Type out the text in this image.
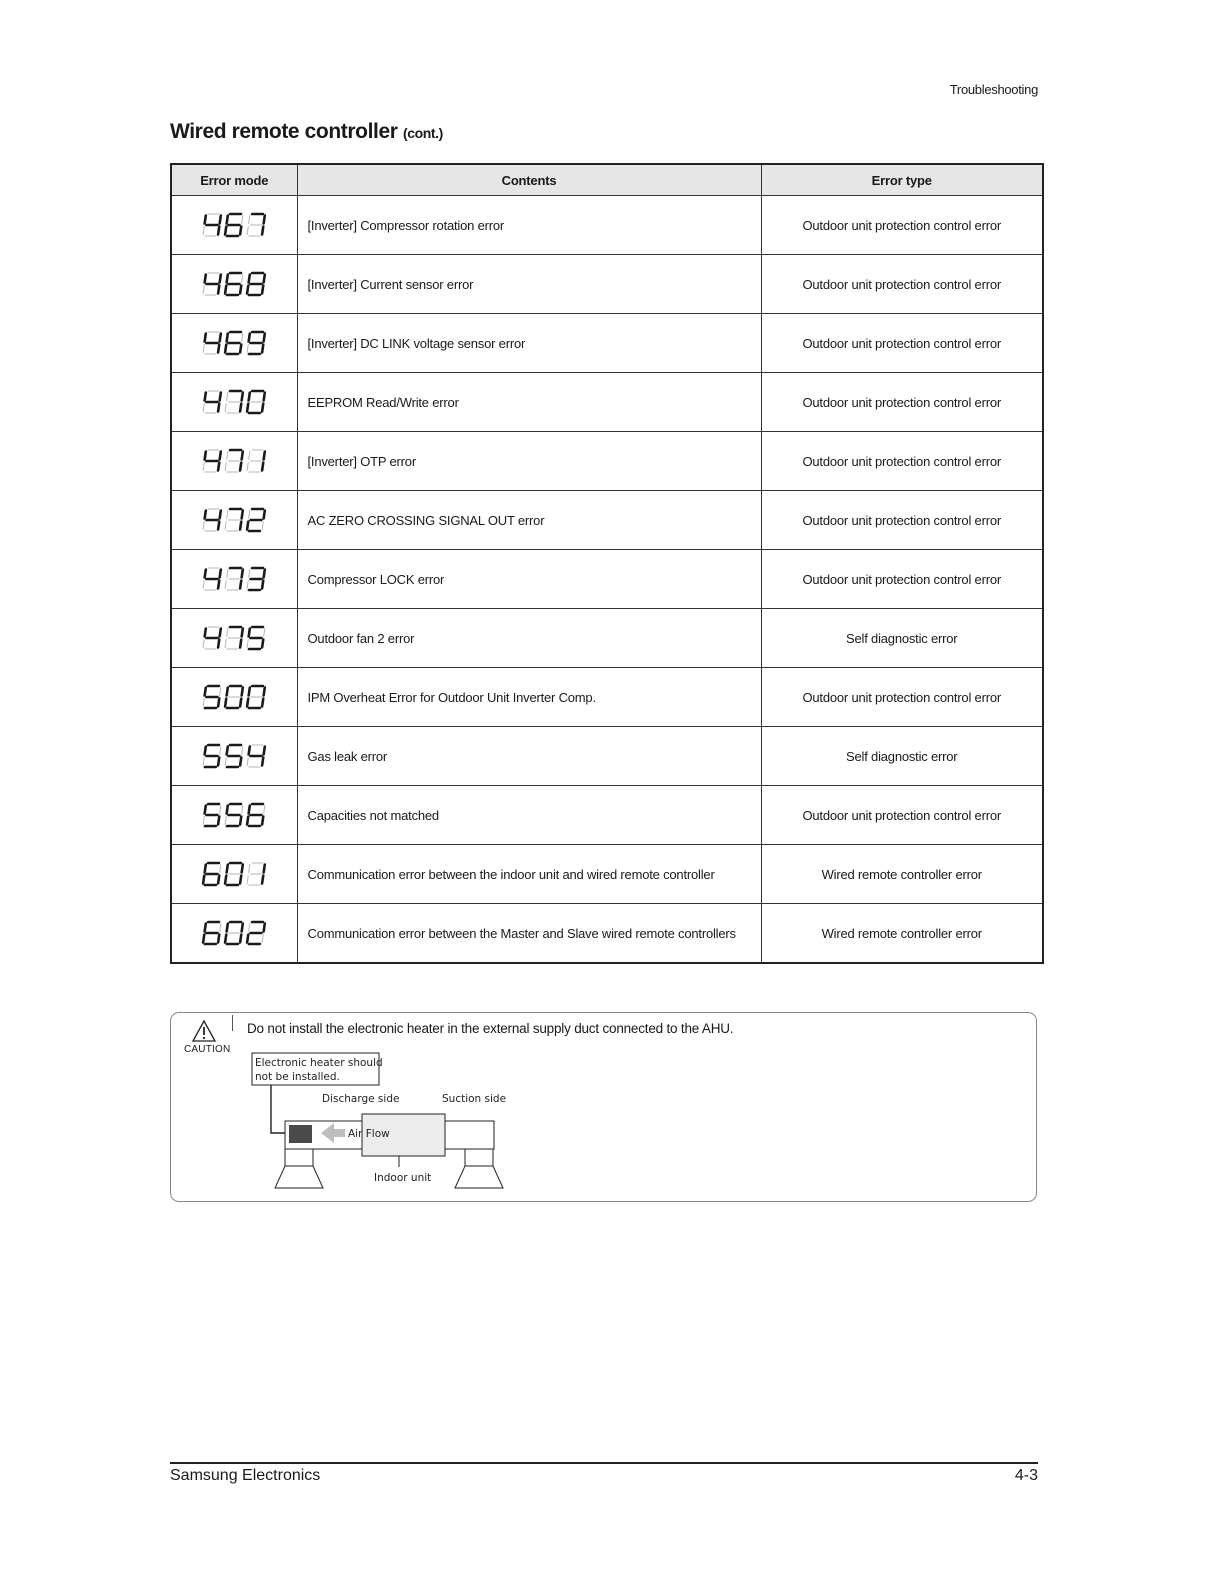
Troubleshooting
Wired remote controller (cont.)
Error mode	Contents	Error type

	[Inverter] Compressor rotation error	Outdoor unit protection control error

	[Inverter] Current sensor error	Outdoor unit protection control error

	[Inverter] DC LINK voltage sensor error	Outdoor unit protection control error

	EEPROM Read/Write error	Outdoor unit protection control error

	[Inverter] OTP error	Outdoor unit protection control error

	AC ZERO CROSSING SIGNAL OUT error	Outdoor unit protection control error

	Compressor LOCK error	Outdoor unit protection control error

	Outdoor fan 2 error	Self diagnostic error

	IPM Overheat Error for Outdoor Unit Inverter Comp.	Outdoor unit protection control error

	Gas leak error	Self diagnostic error

	Capacities not matched	Outdoor unit protection control error

	Communication error between the indoor unit and wired remote controller	Wired remote controller error

	Communication error between the Master and Slave wired remote controllers	Wired remote controller error
CAUTION
Do not install the electronic heater in the external supply duct connected to the AHU.
Electronic heater should
not be installed.
Discharge side	Suction side
Air Flow
Indoor unit
Samsung Electronics	4-3
